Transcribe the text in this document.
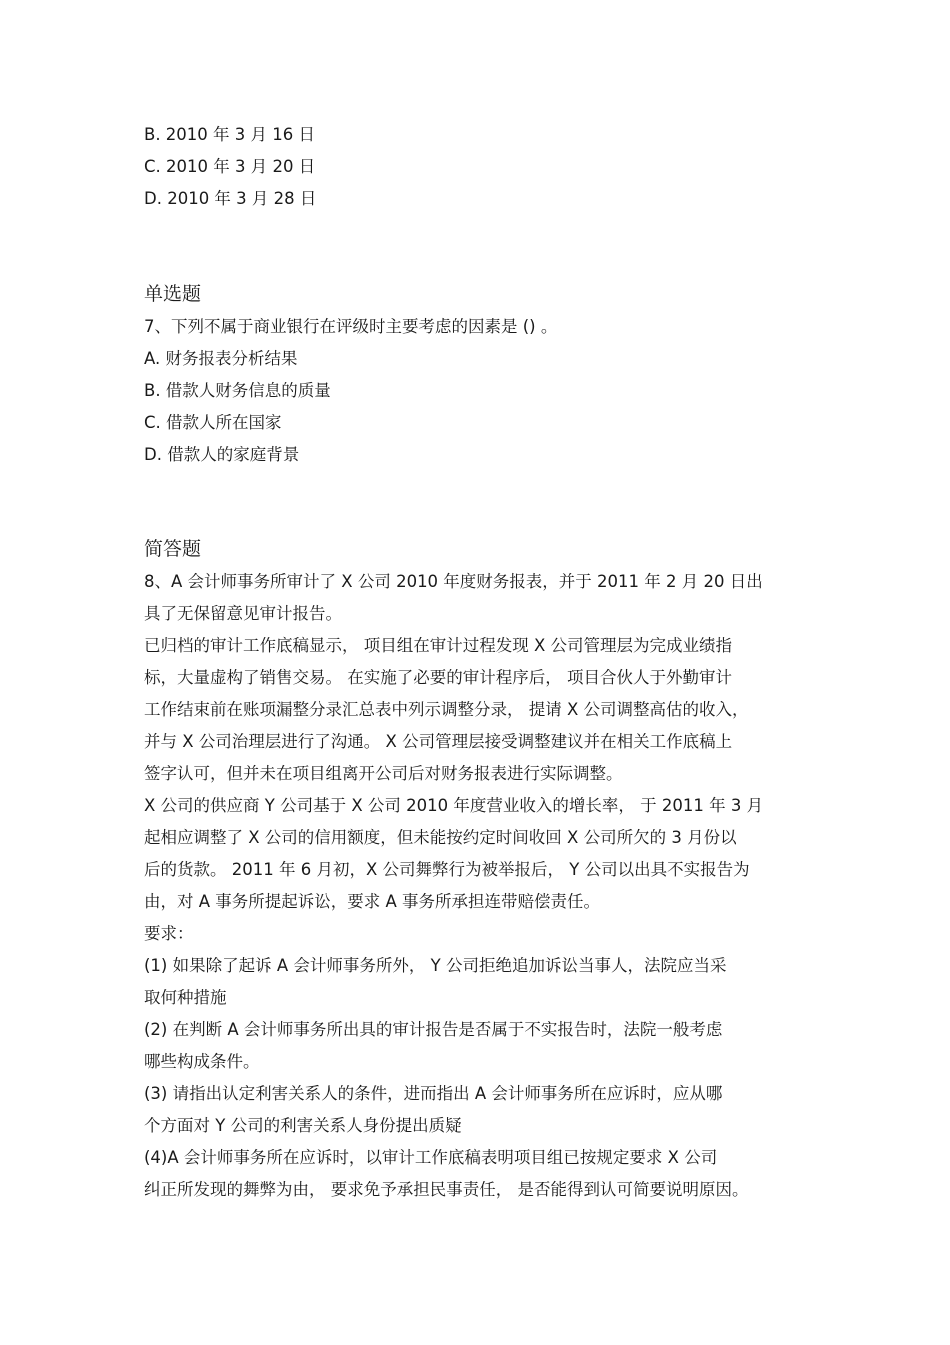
B. 2010 年 3 月 16 日
C. 2010 年 3 月 20 日
D. 2010 年 3 月 28 日
单选题
7、下列不属于商业银行在评级时主要考虑的因素是 () 。
A. 财务报表分析结果
B. 借款人财务信息的质量
C. 借款人所在国家
D. 借款人的家庭背景
简答题
8、A 会计师事务所审计了 X 公司 2010 年度财务报表，并于 2011 年 2 月 20 日出
具了无保留意见审计报告。
已归档的审计工作底稿显示， 项目组在审计过程发现 X 公司管理层为完成业绩指
标，大量虚构了销售交易。 在实施了必要的审计程序后， 项目合伙人于外勤审计
工作结束前在账项漏整分录汇总表中列示调整分录， 提请 X 公司调整高估的收入，
并与 X 公司治理层进行了沟通。 X 公司管理层接受调整建议并在相关工作底稿上
签字认可，但并未在项目组离开公司后对财务报表进行实际调整。
X 公司的供应商 Y 公司基于 X 公司 2010 年度营业收入的增长率， 于 2011 年 3 月
起相应调整了 X 公司的信用额度，但未能按约定时间收回 X 公司所欠的 3 月份以
后的货款。 2011 年 6 月初，X 公司舞弊行为被举报后， Y 公司以出具不实报告为
由，对 A 事务所提起诉讼，要求 A 事务所承担连带赔偿责任。
要求：
(1) 如果除了起诉 A 会计师事务所外， Y 公司拒绝追加诉讼当事人，法院应当采
取何种措施
(2) 在判断 A 会计师事务所出具的审计报告是否属于不实报告时，法院一般考虑
哪些构成条件。
(3) 请指出认定利害关系人的条件，进而指出 A 会计师事务所在应诉时，应从哪
个方面对 Y 公司的利害关系人身份提出质疑
(4)A 会计师事务所在应诉时，以审计工作底稿表明项目组已按规定要求 X 公司
纠正所发现的舞弊为由， 要求免予承担民事责任， 是否能得到认可简要说明原因。
